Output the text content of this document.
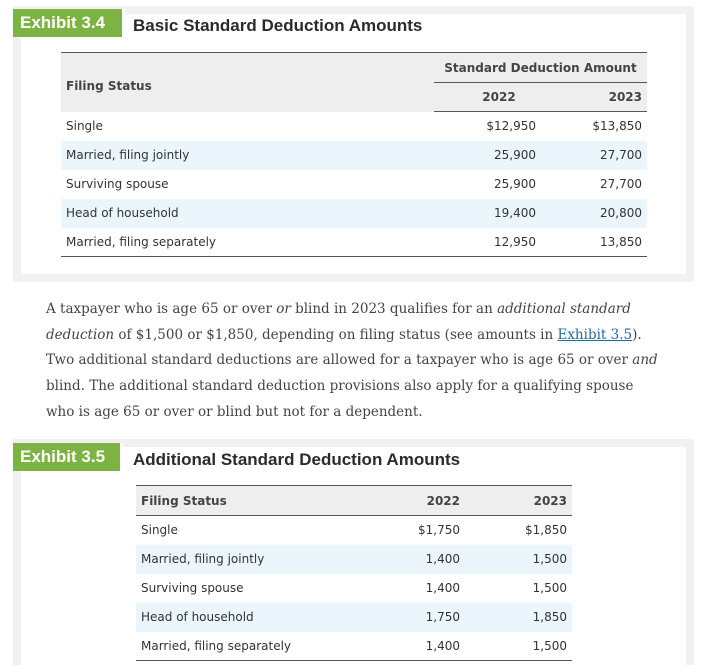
Exhibit 3.4	Basic Standard Deduction Amounts
Filing Status	Standard Deduction Amount	
	2022	2023
Single	$12,950	$13,850
Married, filing jointly	25,900	27,700
Surviving spouse	25,900	27,700
Head of household	19,400	20,800
Married, filing separately	12,950	13,850

A taxpayer who is age 65 or over or blind in 2023 qualifies for an additional standard deduction of $1,500 or $1,850, depending on filing status (see amounts in Exhibit 3.5). Two additional standard deductions are allowed for a taxpayer who is age 65 or over and blind. The additional standard deduction provisions also apply for a qualifying spouse who is age 65 or over or blind but not for a dependent.

Exhibit 3.5	Additional Standard Deduction Amounts
Filing Status	2022	2023
Single	$1,750	$1,850
Married, filing jointly	1,400	1,500
Surviving spouse	1,400	1,500
Head of household	1,750	1,850
Married, filing separately	1,400	1,500
